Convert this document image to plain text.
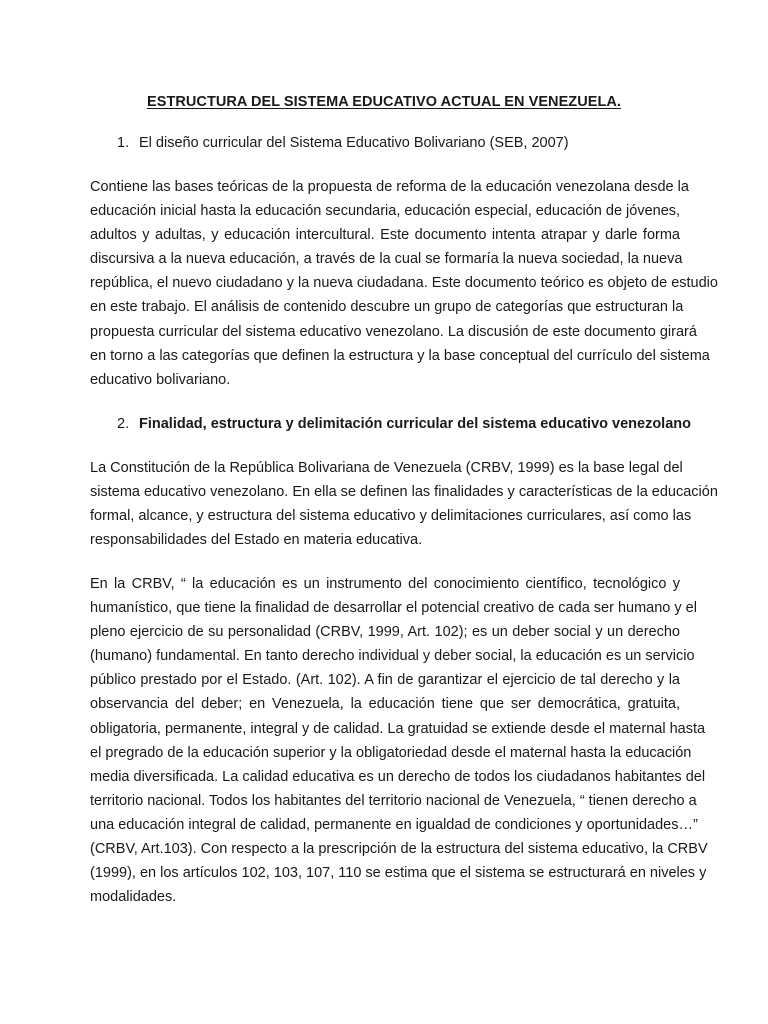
ESTRUCTURA DEL SISTEMA EDUCATIVO ACTUAL EN VENEZUELA.

1. El diseño curricular del Sistema Educativo Bolivariano (SEB, 2007)

Contiene las bases teóricas de la propuesta de reforma de la educación venezolana desde la
educación inicial hasta la educación secundaria, educación especial, educación de jóvenes,
adultos y adultas, y educación intercultural. Este documento intenta atrapar y darle forma
discursiva a la nueva educación, a través de la cual se formaría la nueva sociedad, la nueva
república, el nuevo ciudadano y la nueva ciudadana. Este documento teórico es objeto de estudio
en este trabajo. El análisis de contenido descubre un grupo de categorías que estructuran la
propuesta curricular del sistema educativo venezolano. La discusión de este documento girará
en torno a las categorías que definen la estructura y la base conceptual del currículo del sistema
educativo bolivariano.

2. Finalidad, estructura y delimitación curricular del sistema educativo venezolano

La Constitución de la República Bolivariana de Venezuela (CRBV, 1999) es la base legal del
sistema educativo venezolano. En ella se definen las finalidades y características de la educación
formal, alcance, y estructura del sistema educativo y delimitaciones curriculares, así como las
responsabilidades del Estado en materia educativa.

En la CRBV, “ la educación es un instrumento del conocimiento científico, tecnológico y
humanístico, que tiene la finalidad de desarrollar el potencial creativo de cada ser humano y el
pleno ejercicio de su personalidad (CRBV, 1999, Art. 102); es un deber social y un derecho
(humano) fundamental. En tanto derecho individual y deber social, la educación es un servicio
público prestado por el Estado. (Art. 102). A fin de garantizar el ejercicio de tal derecho y la
observancia del deber; en Venezuela, la educación tiene que ser democrática, gratuita,
obligatoria, permanente, integral y de calidad. La gratuidad se extiende desde el maternal hasta
el pregrado de la educación superior y la obligatoriedad desde el maternal hasta la educación
media diversificada. La calidad educativa es un derecho de todos los ciudadanos habitantes del
territorio nacional. Todos los habitantes del territorio nacional de Venezuela, “ tienen derecho a
una educación integral de calidad, permanente en igualdad de condiciones y oportunidades…”
(CRBV, Art.103). Con respecto a la prescripción de la estructura del sistema educativo, la CRBV
(1999), en los artículos 102, 103, 107, 110 se estima que el sistema se estructurará en niveles y
modalidades.
